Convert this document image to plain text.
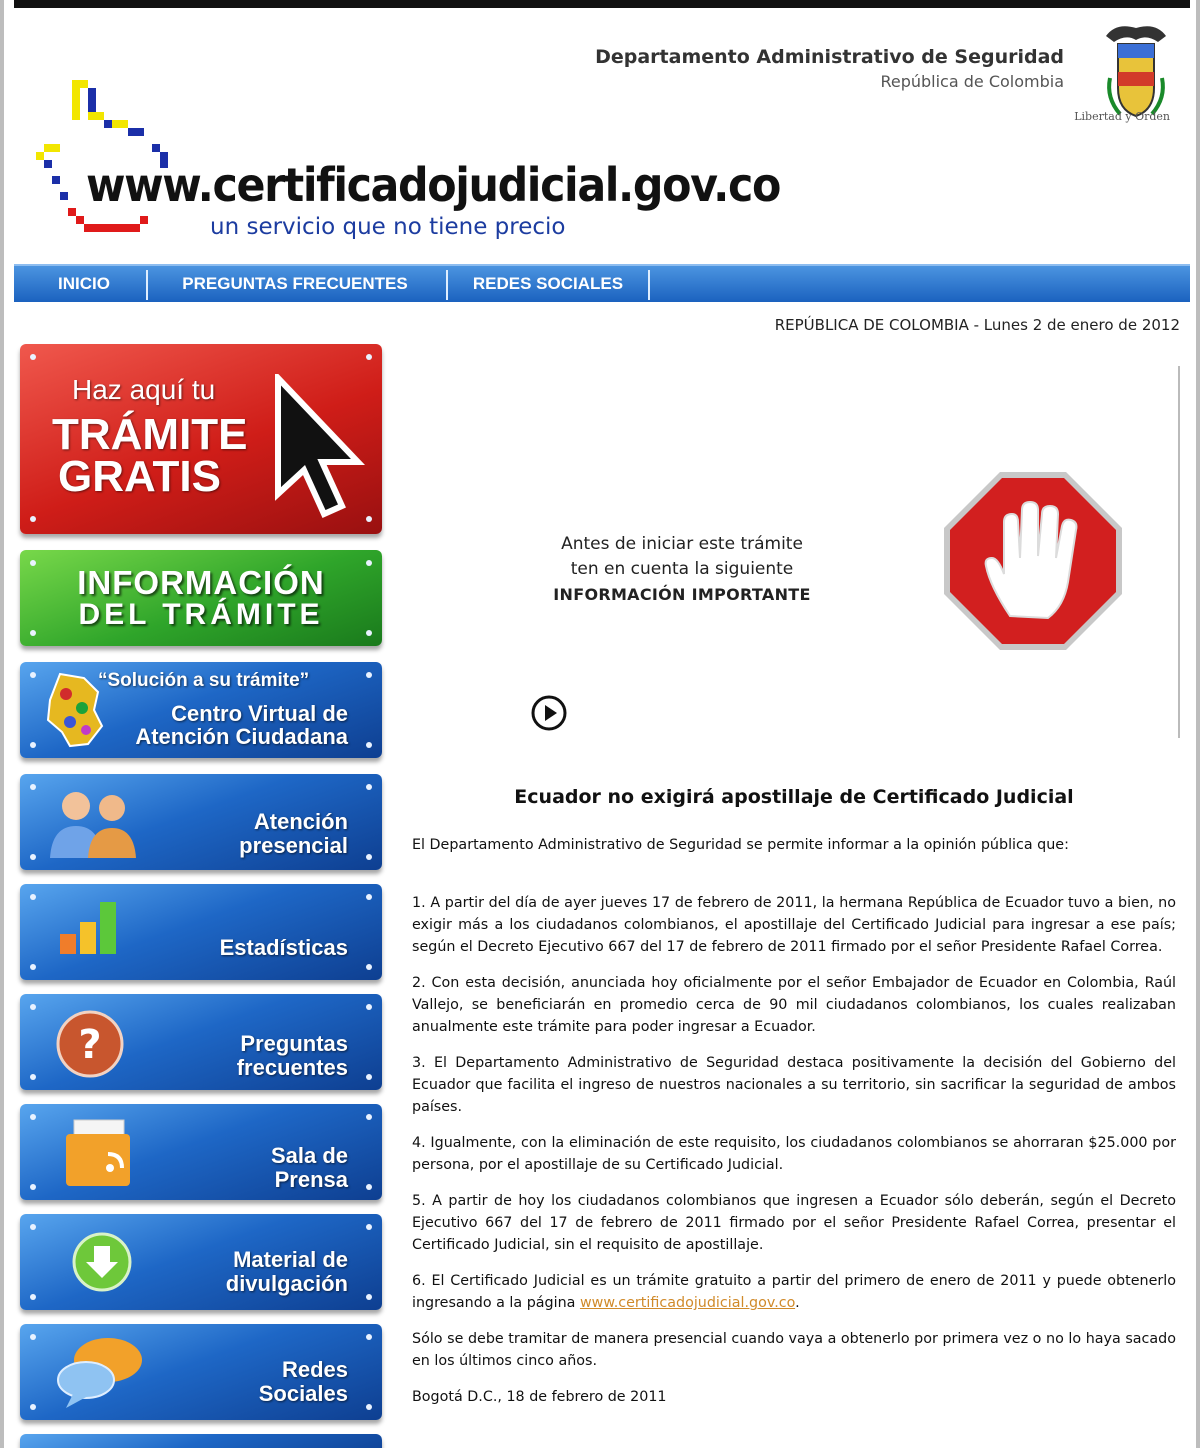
www.certificadojudicial.gov.co
un servicio que no tiene precio
Departamento Administrativo de Seguridad
República de Colombia
Libertad y Orden
INICIO	PREGUNTAS FRECUENTES	REDES SOCIALES
REPÚBLICA DE COLOMBIA - Lunes 2 de enero de 2012
Haz aquí tu
TRÁMITE
GRATIS
INFORMACIÓN
DEL TRÁMITE
“Solución a su trámite”
Centro Virtual de
Atención Ciudadana
Atención
presencial
Estadísticas
?	Preguntas
frecuentes
Sala de
Prensa
Material de
divulgación
Redes
Sociales
Antes de iniciar este trámite
ten en cuenta la siguiente
INFORMACIÓN IMPORTANTE
Ecuador no exigirá apostillaje de Certificado Judicial

El Departamento Administrativo de Seguridad se permite informar a la opinión pública que:

1. A partir del día de ayer jueves 17 de febrero de 2011, la hermana República de Ecuador tuvo a bien, no exigir más a los ciudadanos colombianos, el apostillaje del Certificado Judicial para ingresar a ese país; según el Decreto Ejecutivo 667 del 17 de febrero de 2011 firmado por el señor Presidente Rafael Correa.

2. Con esta decisión, anunciada hoy oficialmente por el señor Embajador de Ecuador en Colombia, Raúl Vallejo, se beneficiarán en promedio cerca de 90 mil ciudadanos colombianos, los cuales realizaban anualmente este trámite para poder ingresar a Ecuador.

3. El Departamento Administrativo de Seguridad destaca positivamente la decisión del Gobierno del Ecuador que facilita el ingreso de nuestros nacionales a su territorio, sin sacrificar la seguridad de ambos países.

4. Igualmente, con la eliminación de este requisito, los ciudadanos colombianos se ahorraran $25.000 por persona, por el apostillaje de su Certificado Judicial.

5. A partir de hoy los ciudadanos colombianos que ingresen a Ecuador sólo deberán, según el Decreto Ejecutivo 667 del 17 de febrero de 2011 firmado por el señor Presidente Rafael Correa, presentar el Certificado Judicial, sin el requisito de apostillaje.

6. El Certificado Judicial es un trámite gratuito a partir del primero de enero de 2011 y puede obtenerlo ingresando a la página www.certificadojudicial.gov.co.

Sólo se debe tramitar de manera presencial cuando vaya a obtenerlo por primera vez o no lo haya sacado en los últimos cinco años.

Bogotá D.C., 18 de febrero de 2011
